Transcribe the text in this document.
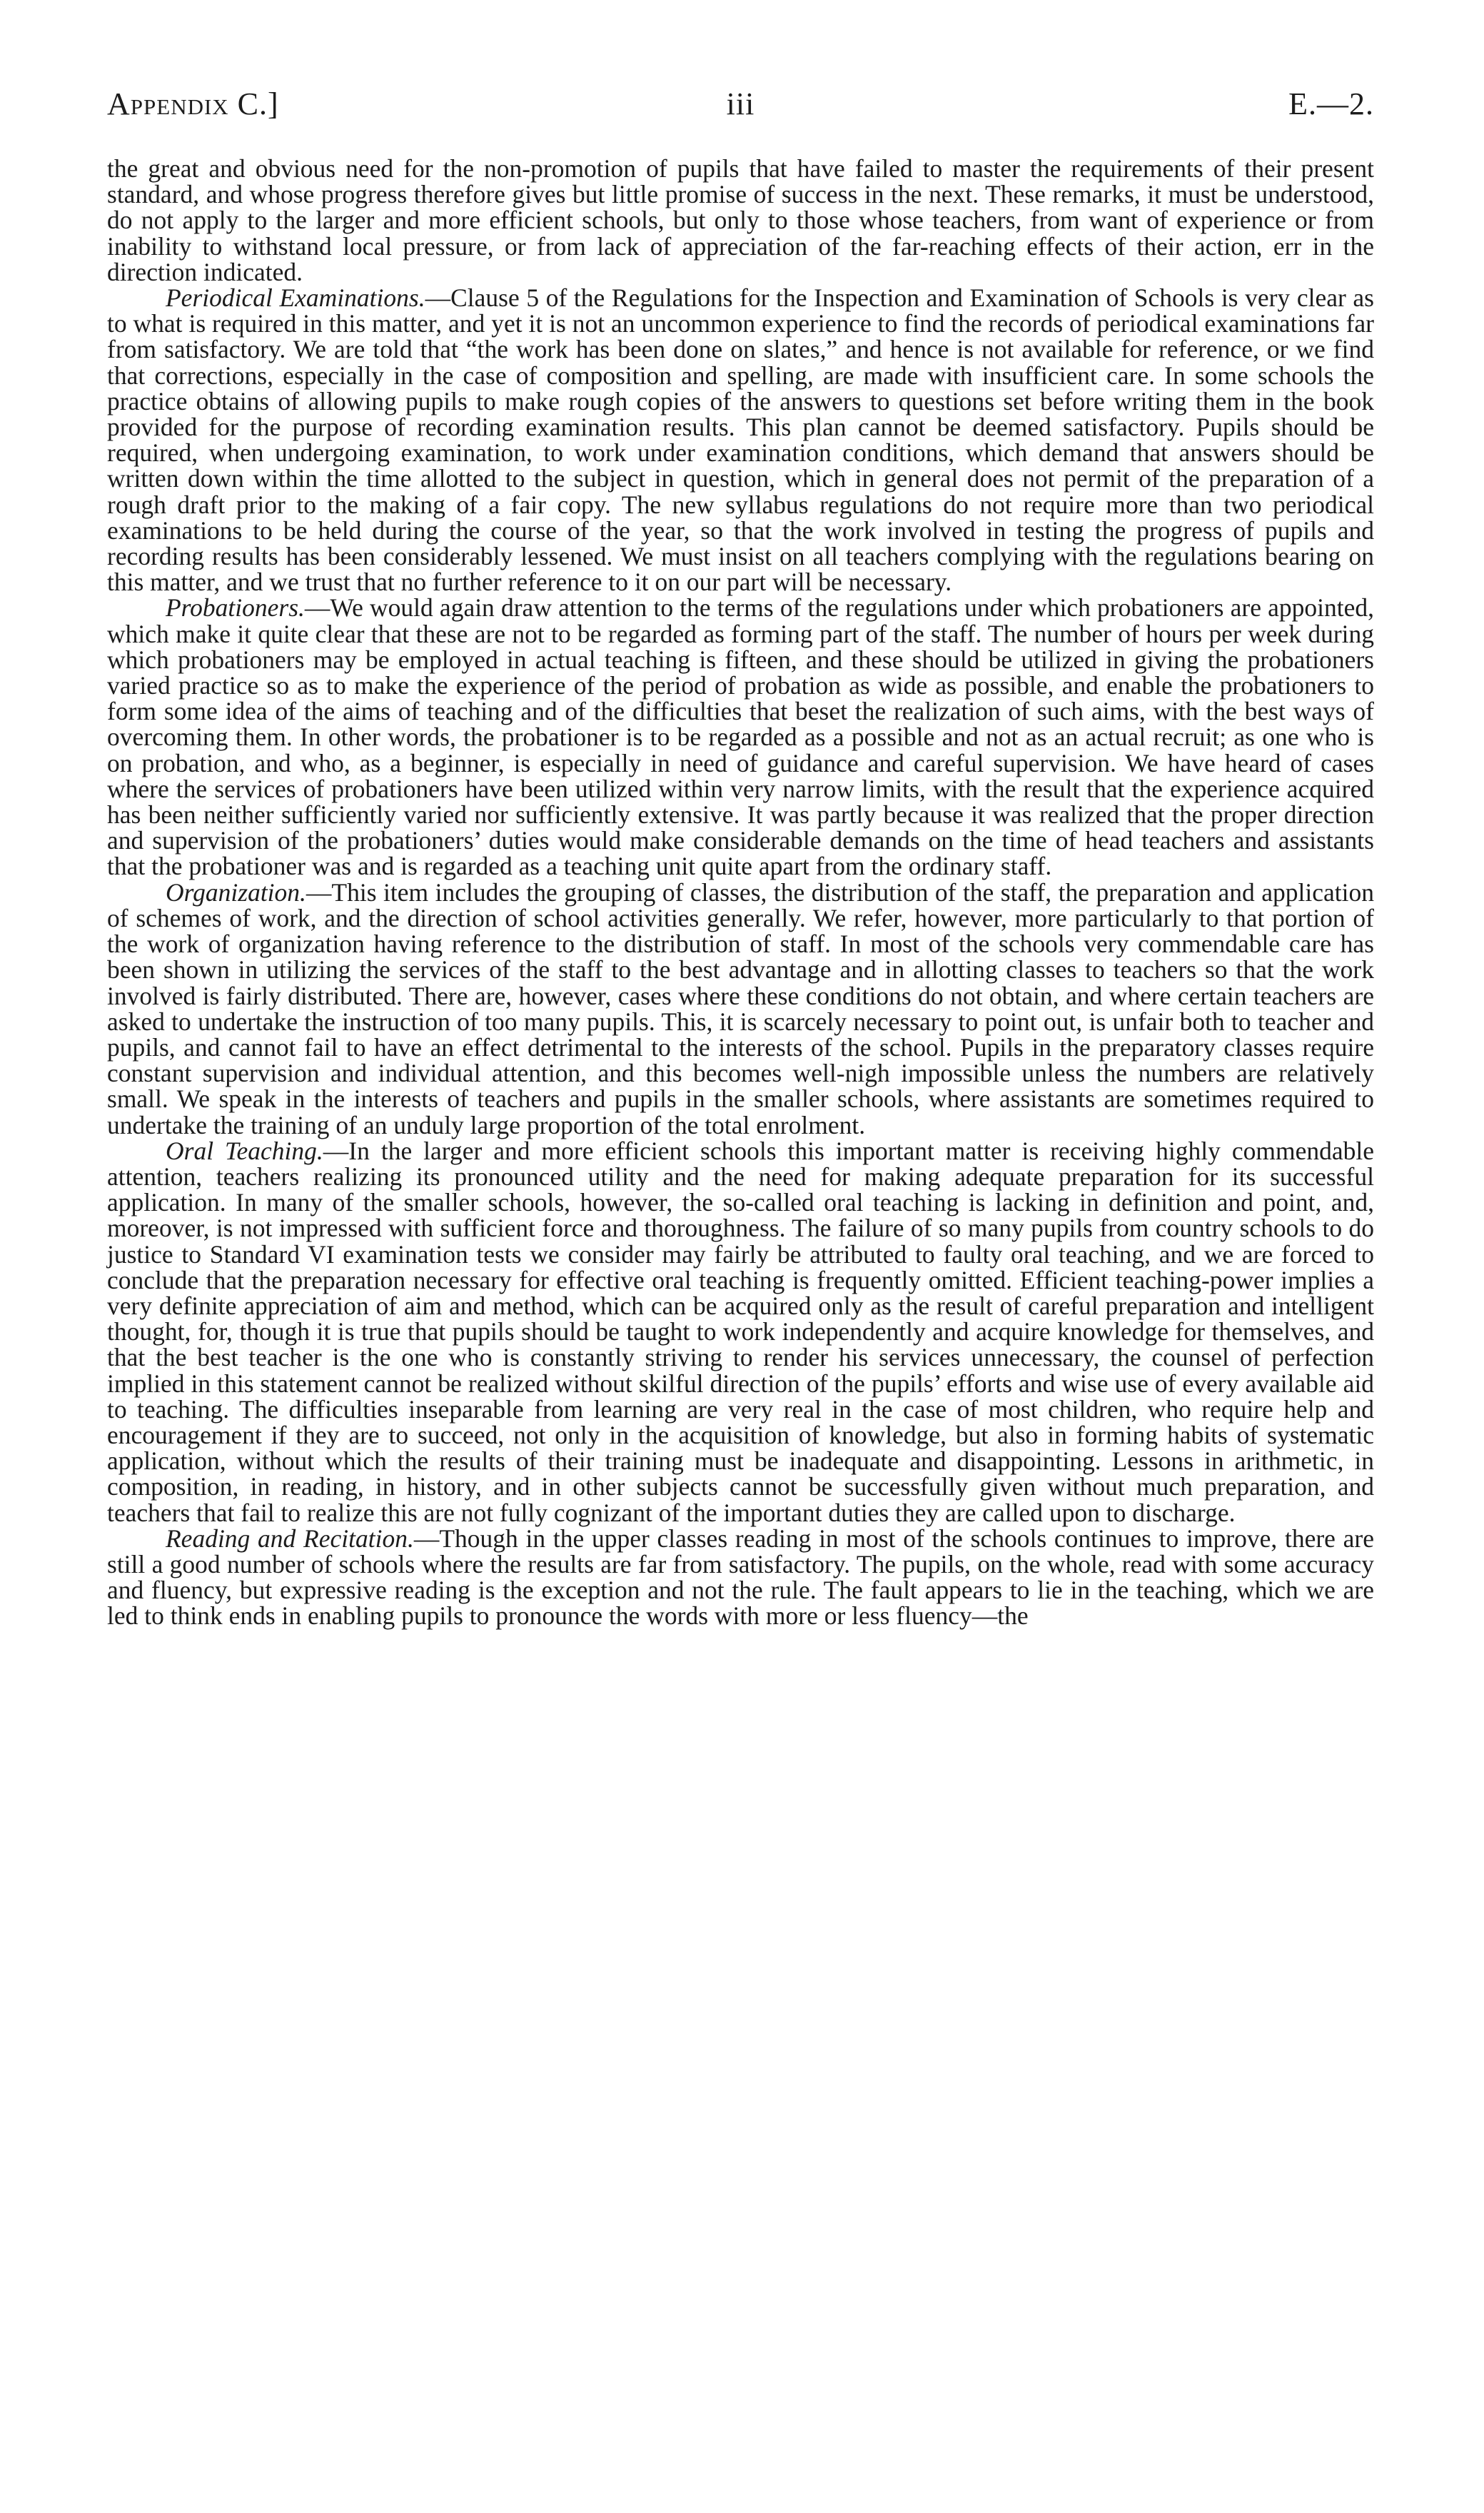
Appendix C.]	iii	E.—2.

the great and obvious need for the non-promotion of pupils that have failed to master the requirements of their present standard, and whose progress therefore gives but little promise of success in the next. These remarks, it must be understood, do not apply to the larger and more efficient schools, but only to those whose teachers, from want of experience or from inability to withstand local pressure, or from lack of appreciation of the far-reaching effects of their action, err in the direction indicated.

Periodical Examinations.—Clause 5 of the Regulations for the Inspection and Examination of Schools is very clear as to what is required in this matter, and yet it is not an uncommon experience to find the records of periodical examinations far from satisfactory. We are told that “the work has been done on slates,” and hence is not available for reference, or we find that corrections, especially in the case of composition and spelling, are made with insufficient care. In some schools the practice obtains of allowing pupils to make rough copies of the answers to questions set before writing them in the book provided for the purpose of recording examination results. This plan cannot be deemed satisfactory. Pupils should be required, when undergoing examination, to work under examination conditions, which demand that answers should be written down within the time allotted to the subject in question, which in general does not permit of the preparation of a rough draft prior to the making of a fair copy. The new syllabus regulations do not require more than two periodical examinations to be held during the course of the year, so that the work involved in testing the progress of pupils and recording results has been considerably lessened. We must insist on all teachers complying with the regulations bearing on this matter, and we trust that no further reference to it on our part will be necessary.

Probationers.—We would again draw attention to the terms of the regulations under which probationers are appointed, which make it quite clear that these are not to be regarded as forming part of the staff. The number of hours per week during which probationers may be employed in actual teaching is fifteen, and these should be utilized in giving the probationers varied practice so as to make the experience of the period of probation as wide as possible, and enable the probationers to form some idea of the aims of teaching and of the difficulties that beset the realization of such aims, with the best ways of overcoming them. In other words, the probationer is to be regarded as a possible and not as an actual recruit; as one who is on probation, and who, as a beginner, is especially in need of guidance and careful supervision. We have heard of cases where the services of probationers have been utilized within very narrow limits, with the result that the experience acquired has been neither sufficiently varied nor sufficiently extensive. It was partly because it was realized that the proper direction and supervision of the probationers’ duties would make considerable demands on the time of head teachers and assistants that the probationer was and is regarded as a teaching unit quite apart from the ordinary staff.

Organization.—This item includes the grouping of classes, the distribution of the staff, the preparation and application of schemes of work, and the direction of school activities generally. We refer, however, more particularly to that portion of the work of organization having reference to the distribution of staff. In most of the schools very commendable care has been shown in utilizing the services of the staff to the best advantage and in allotting classes to teachers so that the work involved is fairly distributed. There are, however, cases where these conditions do not obtain, and where certain teachers are asked to undertake the instruction of too many pupils. This, it is scarcely necessary to point out, is unfair both to teacher and pupils, and cannot fail to have an effect detrimental to the interests of the school. Pupils in the preparatory classes require constant supervision and individual attention, and this becomes well-nigh impossible unless the numbers are relatively small. We speak in the interests of teachers and pupils in the smaller schools, where assistants are sometimes required to undertake the training of an unduly large proportion of the total enrolment.

Oral Teaching.—In the larger and more efficient schools this important matter is receiving highly commendable attention, teachers realizing its pronounced utility and the need for making adequate preparation for its successful application. In many of the smaller schools, however, the so-called oral teaching is lacking in definition and point, and, moreover, is not impressed with sufficient force and thoroughness. The failure of so many pupils from country schools to do justice to Standard VI examination tests we consider may fairly be attributed to faulty oral teaching, and we are forced to conclude that the preparation necessary for effective oral teaching is frequently omitted. Efficient teaching-power implies a very definite appreciation of aim and method, which can be acquired only as the result of careful preparation and intelligent thought, for, though it is true that pupils should be taught to work independently and acquire knowledge for themselves, and that the best teacher is the one who is constantly striving to render his services unnecessary, the counsel of perfection implied in this statement cannot be realized without skilful direction of the pupils’ efforts and wise use of every available aid to teaching. The difficulties inseparable from learning are very real in the case of most children, who require help and encouragement if they are to succeed, not only in the acquisition of knowledge, but also in forming habits of systematic application, without which the results of their training must be inadequate and disappointing. Lessons in arithmetic, in composition, in reading, in history, and in other subjects cannot be successfully given without much preparation, and teachers that fail to realize this are not fully cognizant of the important duties they are called upon to discharge.

Reading and Recitation.—Though in the upper classes reading in most of the schools continues to improve, there are still a good number of schools where the results are far from satisfactory. The pupils, on the whole, read with some accuracy and fluency, but expressive reading is the exception and not the rule. The fault appears to lie in the teaching, which we are led to think ends in enabling pupils to pronounce the words with more or less fluency—the
